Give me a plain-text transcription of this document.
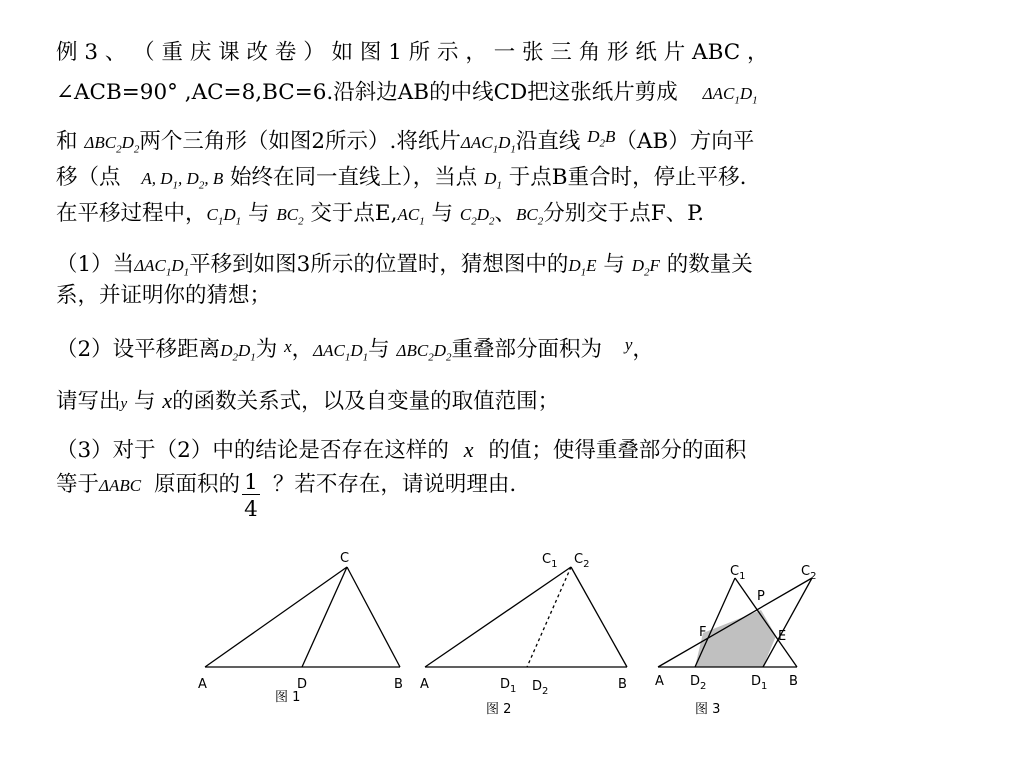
例 3 、 （ 重 庆 课 改 卷 ） 如 图 1 所 示 ， 一 张 三 角 形 纸 片 ABC ，
∠ACB=90° ,AC=8,BC=6.沿斜边AB的中线CD把这张纸片剪成 $\Delta AC_1D_1$
和 $\Delta BC_2D_2$两个三角形（如图2所示）.将纸片$\Delta AC_1D_1$沿直线 $^{D_2B}$（AB）方向平
移（点 A, $D_1$, $D_2$, B 始终在同一直线上），当点 $D_1$ 于点B重合时，停止平移.
在平移过程中，$C_1D_1$ 与 $BC_2$ 交于点$E,AC_1$ 与 $C_2D_2$、$BC_2$分别交于点F、P.
（1）当$\Delta AC_1D_1$平移到如图3所示的位置时，猜想图中的$D_1E$ 与 $D_2F$ 的数量关
系，并证明你的猜想；
（2）设平移距离$D_2D_1$为 x，$\Delta AC_1D_1$与 $\Delta BC_2D_2$重叠部分面积为 $^y$，
请写出y 与 x的函数关系式，以及自变量的取值范围；
（3）对于（2）中的结论是否存在这样的 x 的值；使得重叠部分的面积
等于ΔABC 原面积的 $\frac{1}{4}$ ？若不存在，请说明理由.
C
A	D	B
图 1
$C_1$ $C_2$
A	$D_1$ $D_2$	B
图 2
$C_1$	$C_2$
P
F	E
A $D_2$	$D_1$ B
图 3
